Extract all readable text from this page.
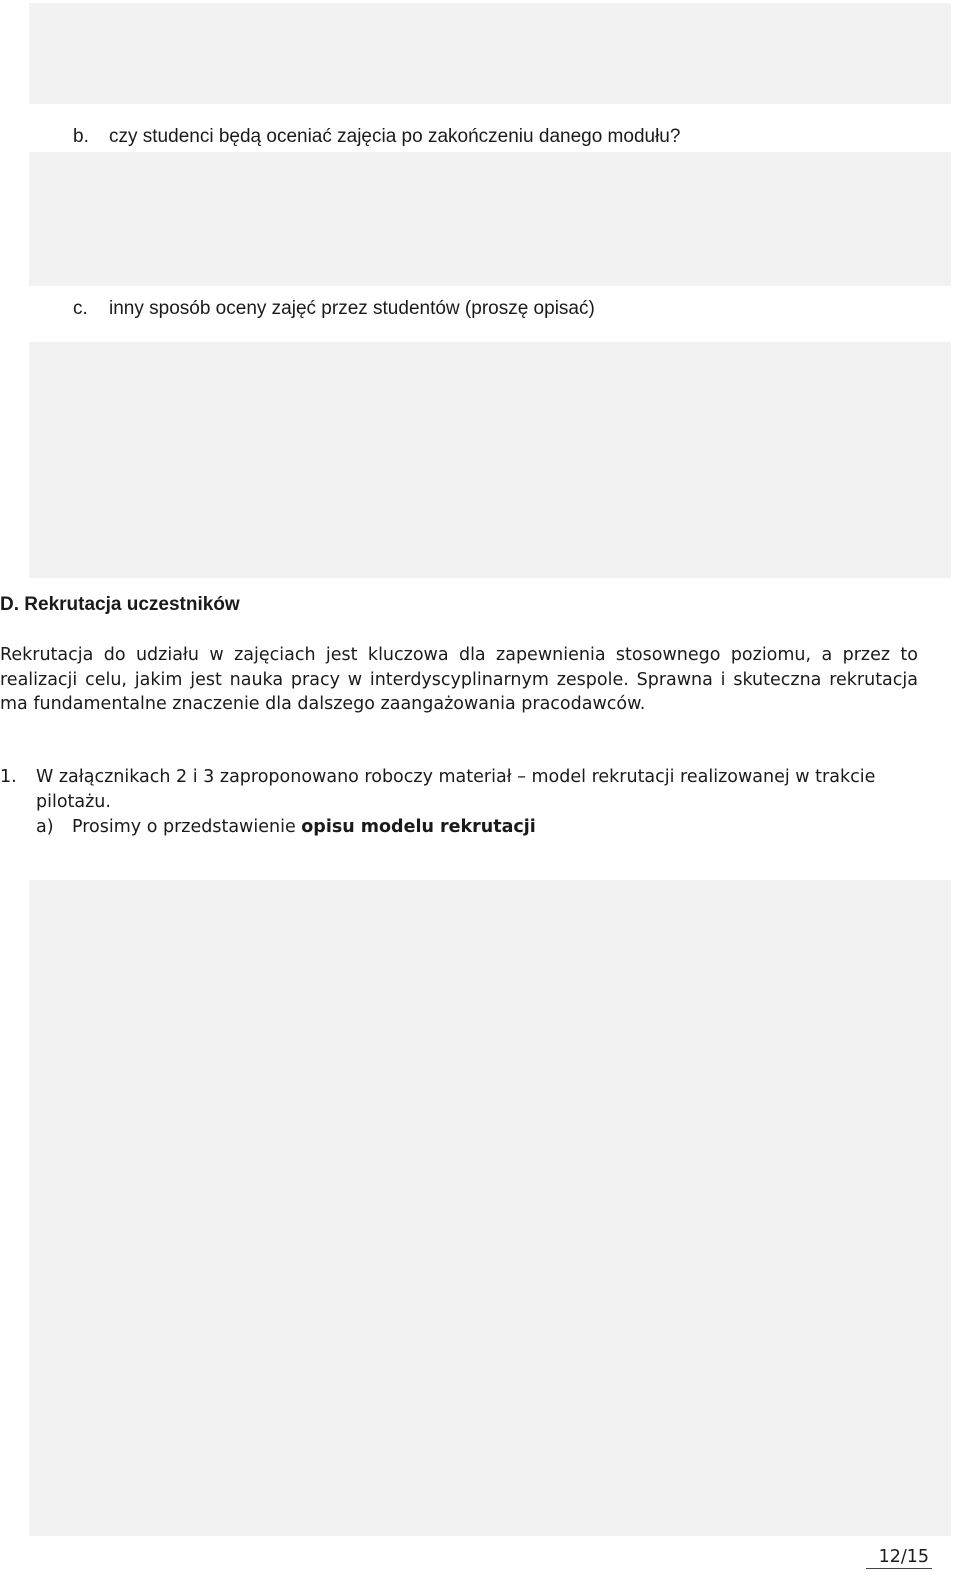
b. czy studenci będą oceniać zajęcia po zakończeniu danego modułu?
c. inny sposób oceny zajęć przez studentów (proszę opisać)
D. Rekrutacja uczestników

Rekrutacja do udziału w zajęciach jest kluczowa dla zapewnienia stosownego poziomu, a przez to realizacji celu, jakim jest nauka pracy w interdyscyplinarnym zespole. Sprawna i skuteczna rekrutacja ma fundamentalne znaczenie dla dalszego zaangażowania pracodawców.

1.	W załącznikach 2 i 3 zaproponowano roboczy materiał – model rekrutacji realizowanej w trakcie pilotażu.
a) Prosimy o przedstawienie opisu modelu rekrutacji
12/15
